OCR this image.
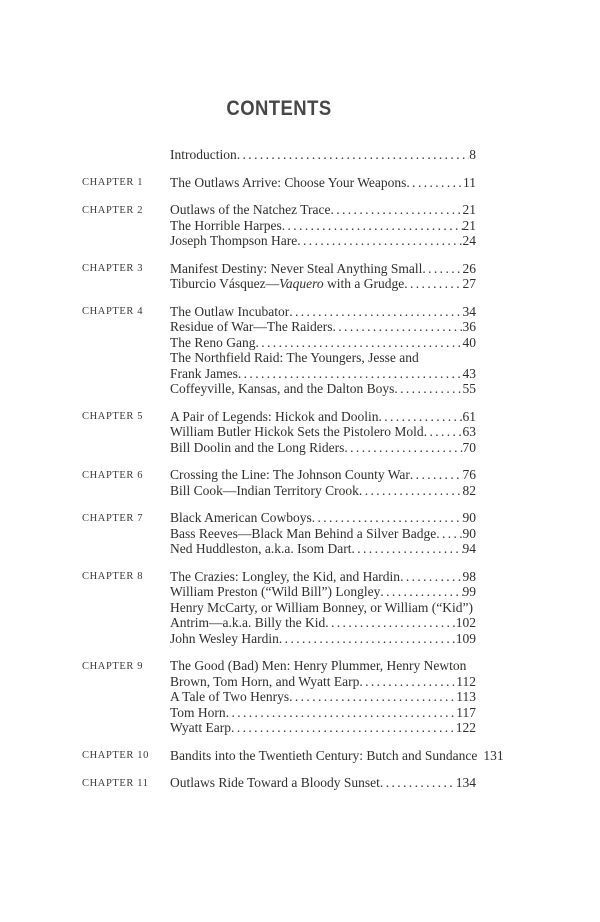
CONTENTS
Introduction .....	8
CHAPTER 1	The Outlaws Arrive: Choose Your Weapons .....	11
CHAPTER 2	Outlaws of the Natchez Trace .....	21
The Horrible Harpes .....	21
Joseph Thompson Hare .....	24
CHAPTER 3	Manifest Destiny: Never Steal Anything Small .....	26
Tiburcio Vásquez—Vaquero with a Grudge .....	27
CHAPTER 4	The Outlaw Incubator .....	34
Residue of War—The Raiders .....	36
The Reno Gang .....	40
The Northfield Raid: The Youngers, Jesse and
Frank James .....	43
Coffeyville, Kansas, and the Dalton Boys .....	55
CHAPTER 5	A Pair of Legends: Hickok and Doolin .....	61
William Butler Hickok Sets the Pistolero Mold .....	63
Bill Doolin and the Long Riders .....	70
CHAPTER 6	Crossing the Line: The Johnson County War .....	76
Bill Cook—Indian Territory Crook .....	82
CHAPTER 7	Black American Cowboys .....	90
Bass Reeves—Black Man Behind a Silver Badge ..... 90
Ned Huddleston, a.k.a. Isom Dart .....	94
CHAPTER 8	The Crazies: Longley, the Kid, and Hardin .....	98
William Preston (“Wild Bill”) Longley .....	99
Henry McCarty, or William Bonney, or William (“Kid”)
Antrim—a.k.a. Billy the Kid .....	102
John Wesley Hardin .....	109
CHAPTER 9	The Good (Bad) Men: Henry Plummer, Henry Newton
Brown, Tom Horn, and Wyatt Earp .....	112
A Tale of Two Henrys .....	113
Tom Horn .....	117
Wyatt Earp .....	122
CHAPTER 10	Bandits into the Twentieth Century: Butch and Sundance 131
CHAPTER 11	Outlaws Ride Toward a Bloody Sunset .....	134
